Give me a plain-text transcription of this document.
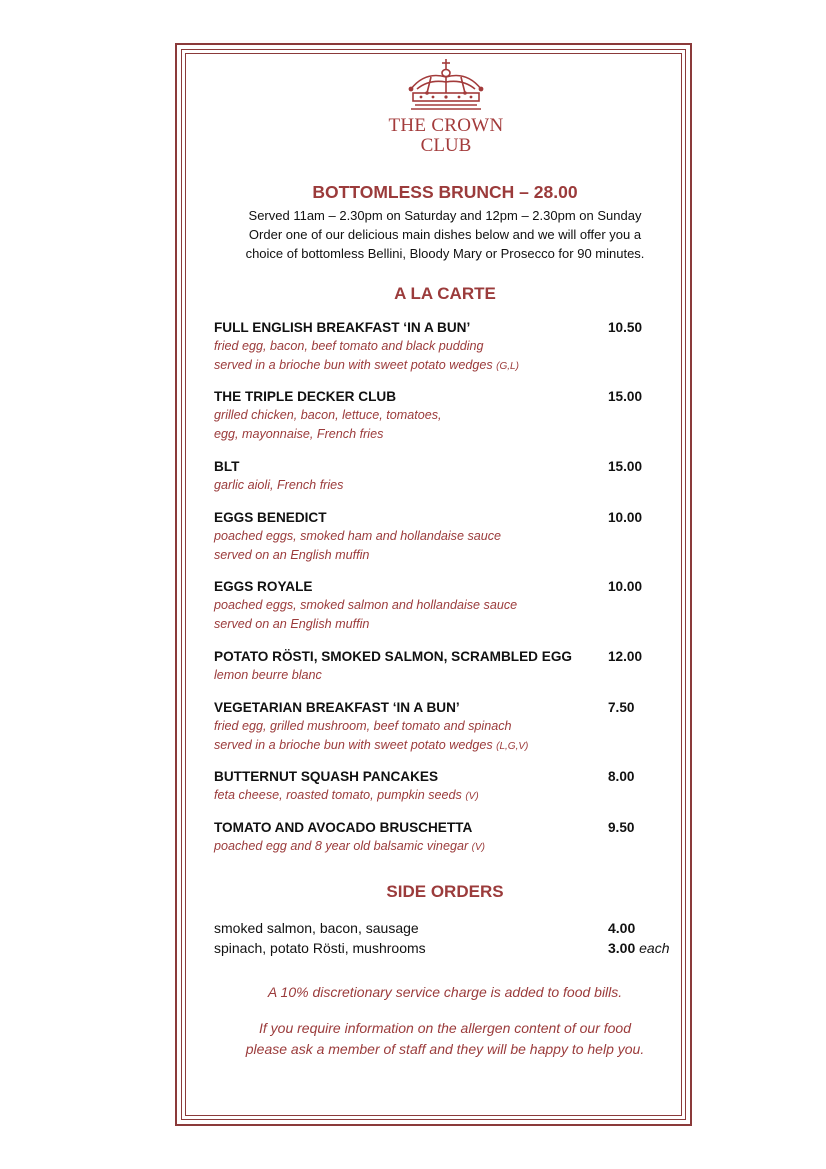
THE CROWN
CLUB
BOTTOMLESS BRUNCH – 28.00
Served 11am – 2.30pm on Saturday and 12pm – 2.30pm on Sunday
Order one of our delicious main dishes below and we will offer you a
choice of bottomless Bellini, Bloody Mary or Prosecco for 90 minutes.
A LA CARTE
FULL ENGLISH BREAKFAST ‘IN A BUN’
fried egg, bacon, beef tomato and black pudding
served in a brioche bun with sweet potato wedges (G,L)
10.50
THE TRIPLE DECKER CLUB
grilled chicken, bacon, lettuce, tomatoes,
egg, mayonnaise, French fries
15.00
BLT
garlic aioli, French fries
15.00
EGGS BENEDICT
poached eggs, smoked ham and hollandaise sauce
served on an English muffin
10.00
EGGS ROYALE
poached eggs, smoked salmon and hollandaise sauce
served on an English muffin
10.00
POTATO RÖSTI, SMOKED SALMON, SCRAMBLED EGG
lemon beurre blanc
12.00
VEGETARIAN BREAKFAST ‘IN A BUN’
fried egg, grilled mushroom, beef tomato and spinach
served in a brioche bun with sweet potato wedges (L,G,V)
7.50
BUTTERNUT SQUASH PANCAKES
feta cheese, roasted tomato, pumpkin seeds (V)
8.00
TOMATO AND AVOCADO BRUSCHETTA
poached egg and 8 year old balsamic vinegar (V)
9.50
SIDE ORDERS
smoked salmon, bacon, sausage	4.00
spinach, potato Rösti, mushrooms	3.00 each
A 10% discretionary service charge is added to food bills.
If you require information on the allergen content of our food
please ask a member of staff and they will be happy to help you.
